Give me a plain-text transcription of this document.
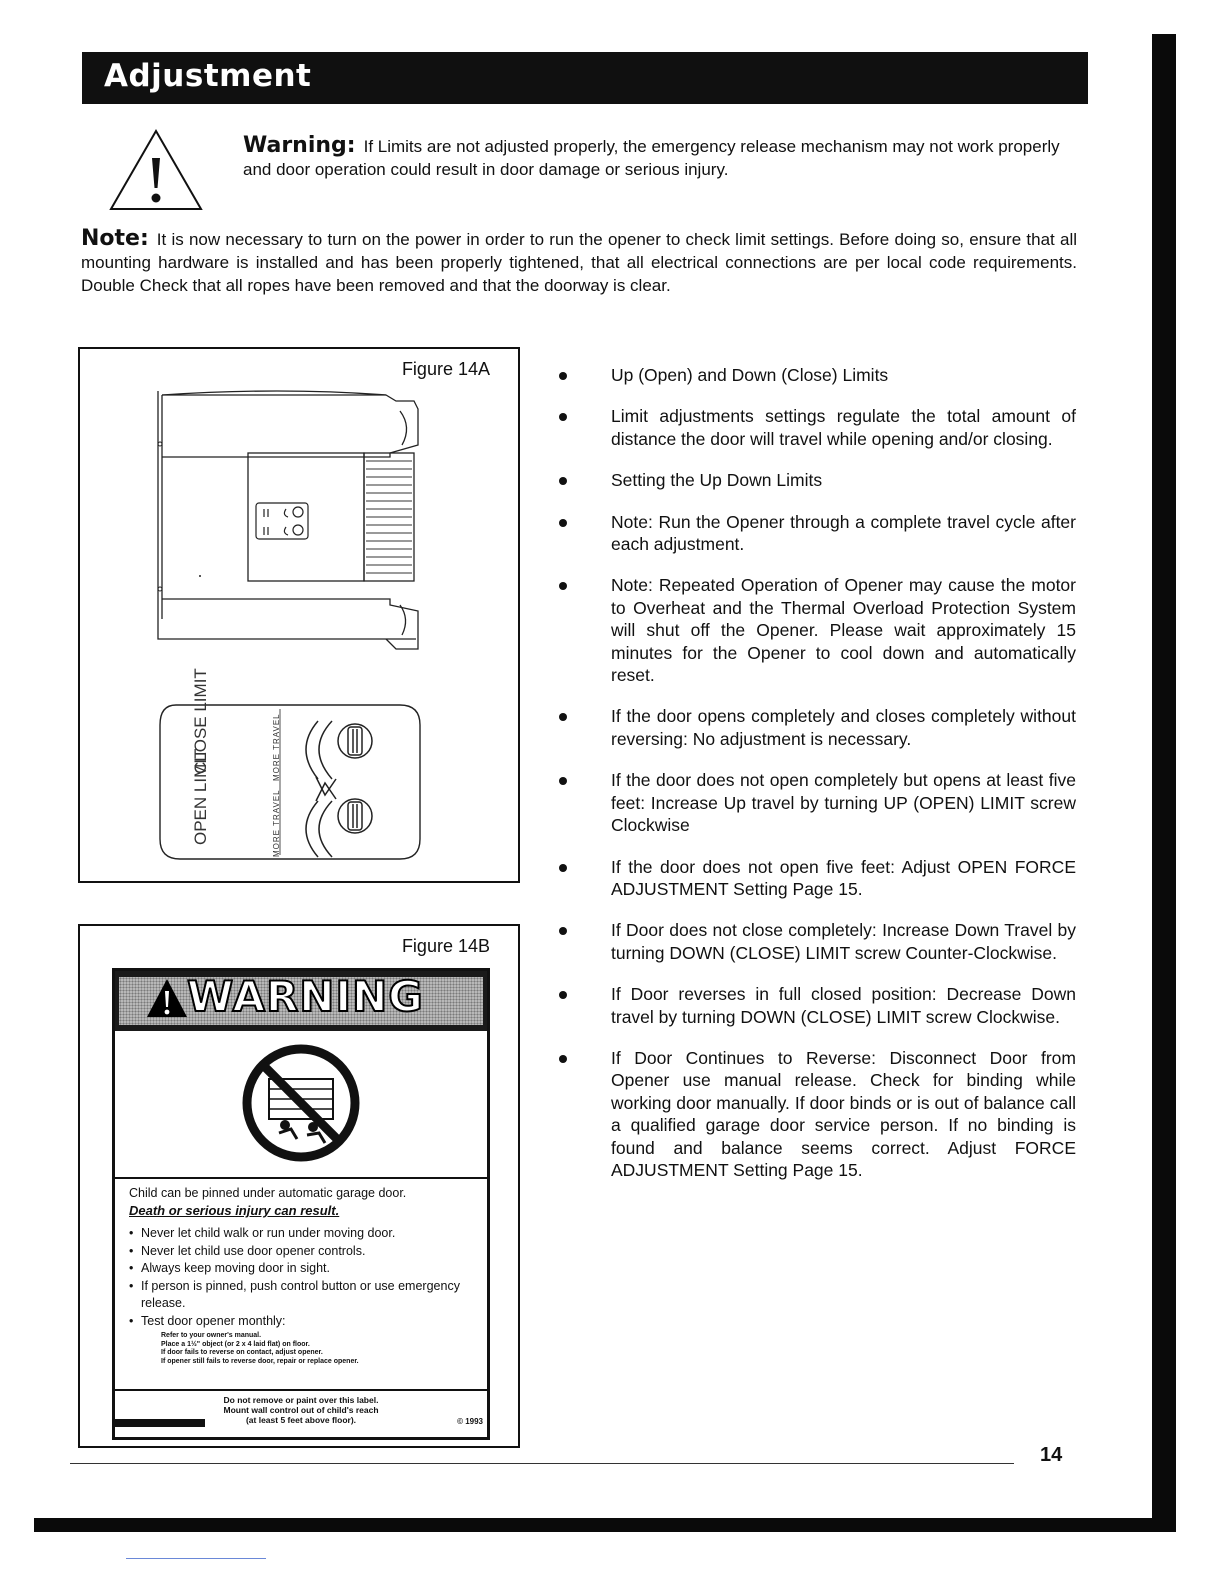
Adjustment
Warning: If Limits are not adjusted properly, the emergency release mechanism may not work properly and door operation could result in door damage or serious injury.
Note: It is now necessary to turn on the power in order to run the opener to check limit settings. Before doing so, ensure that all mounting hardware is installed and has been properly tightened, that all electrical connections are per local code requirements. Double Check that all ropes have been removed and that the doorway is clear.
Figure 14A
CLOSE LIMIT
OPEN LIMIT
MORE TRAVEL
MORE TRAVEL
Figure 14B
WARNING
Child can be pinned under automatic garage door.
Death or serious injury can result.
• Never let child walk or run under moving door.
• Never let child use door opener controls.
• Always keep moving door in sight.
• If person is pinned, push control button or use emergency release.
• Test door opener monthly:
Refer to your owner's manual.
Place a 1½" object (or 2 x 4 laid flat) on floor.
If door fails to reverse on contact, adjust opener.
If opener still fails to reverse door, repair or replace opener.
Do not remove or paint over this label.
Mount wall control out of child's reach
(at least 5 feet above floor).	© 1993
Up (Open) and Down (Close) Limits
Limit adjustments settings regulate the total amount of distance the door will travel while opening and/or closing.
Setting the Up Down Limits
Note: Run the Opener through a complete travel cycle after each adjustment.
Note: Repeated Operation of Opener may cause the motor to Overheat and the Thermal Overload Protection System will shut off the Opener. Please wait approximately 15 minutes for the Opener to cool down and automatically reset.
If the door opens completely and closes completely without reversing: No adjustment is necessary.
If the door does not open completely but opens at least five feet: Increase Up travel by turning UP (OPEN) LIMIT screw Clockwise
If the door does not open five feet: Adjust OPEN FORCE ADJUSTMENT Setting Page 15.
If Door does not close completely: Increase Down Travel by turning DOWN (CLOSE) LIMIT screw Counter-Clockwise.
If Door reverses in full closed position: Decrease Down travel by turning DOWN (CLOSE) LIMIT screw Clockwise.
If Door Continues to Reverse: Disconnect Door from Opener use manual release. Check for binding while working door manually. If door binds or is out of balance call a qualified garage door service person. If no binding is found and balance seems correct. Adjust FORCE ADJUSTMENT Setting Page 15.
14
